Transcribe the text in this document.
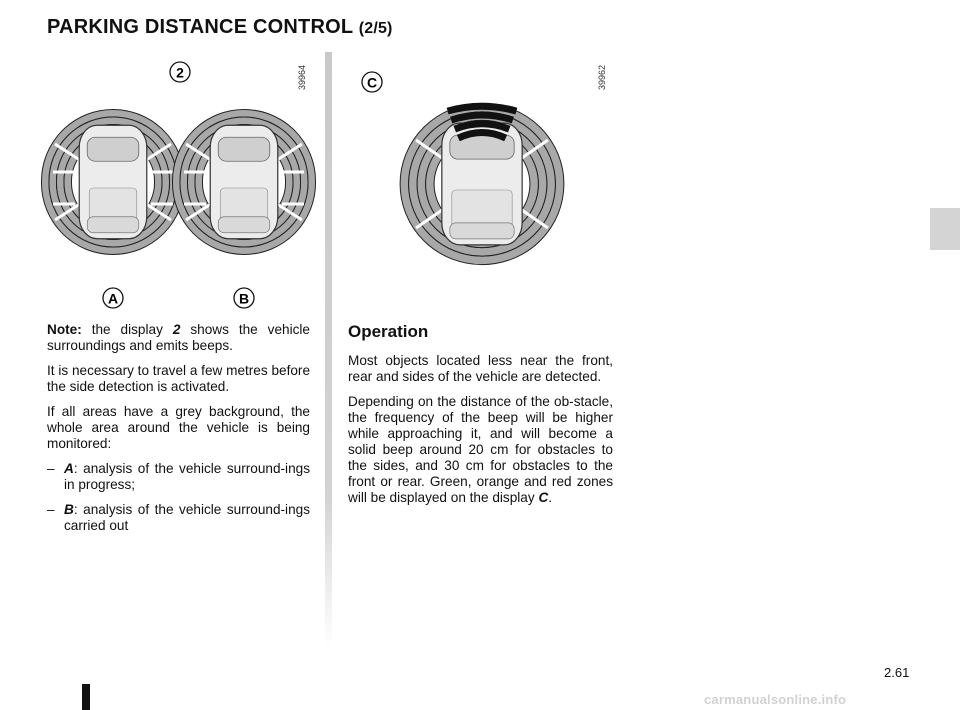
PARKING DISTANCE CONTROL (2/5)
2
A	B
39964	C	39962

Note: the display 2 shows the vehicle surroundings and emits beeps.

It is necessary to travel a few metres before the side detection is activated.

If all areas have a grey background, the whole area around the vehicle is being monitored:

– A: analysis of the vehicle surround-ings in progress;

– B: analysis of the vehicle surround-ings carried out

Operation

Most objects located less near the front, rear and sides of the vehicle are detected.

Depending on the distance of the ob-stacle, the frequency of the beep will be higher while approaching it, and will become a solid beep around 20 cm for obstacles to the sides, and 30 cm for obstacles to the front or rear. Green, orange and red zones will be displayed on the display C.

2.61
carmanualsonline.info
